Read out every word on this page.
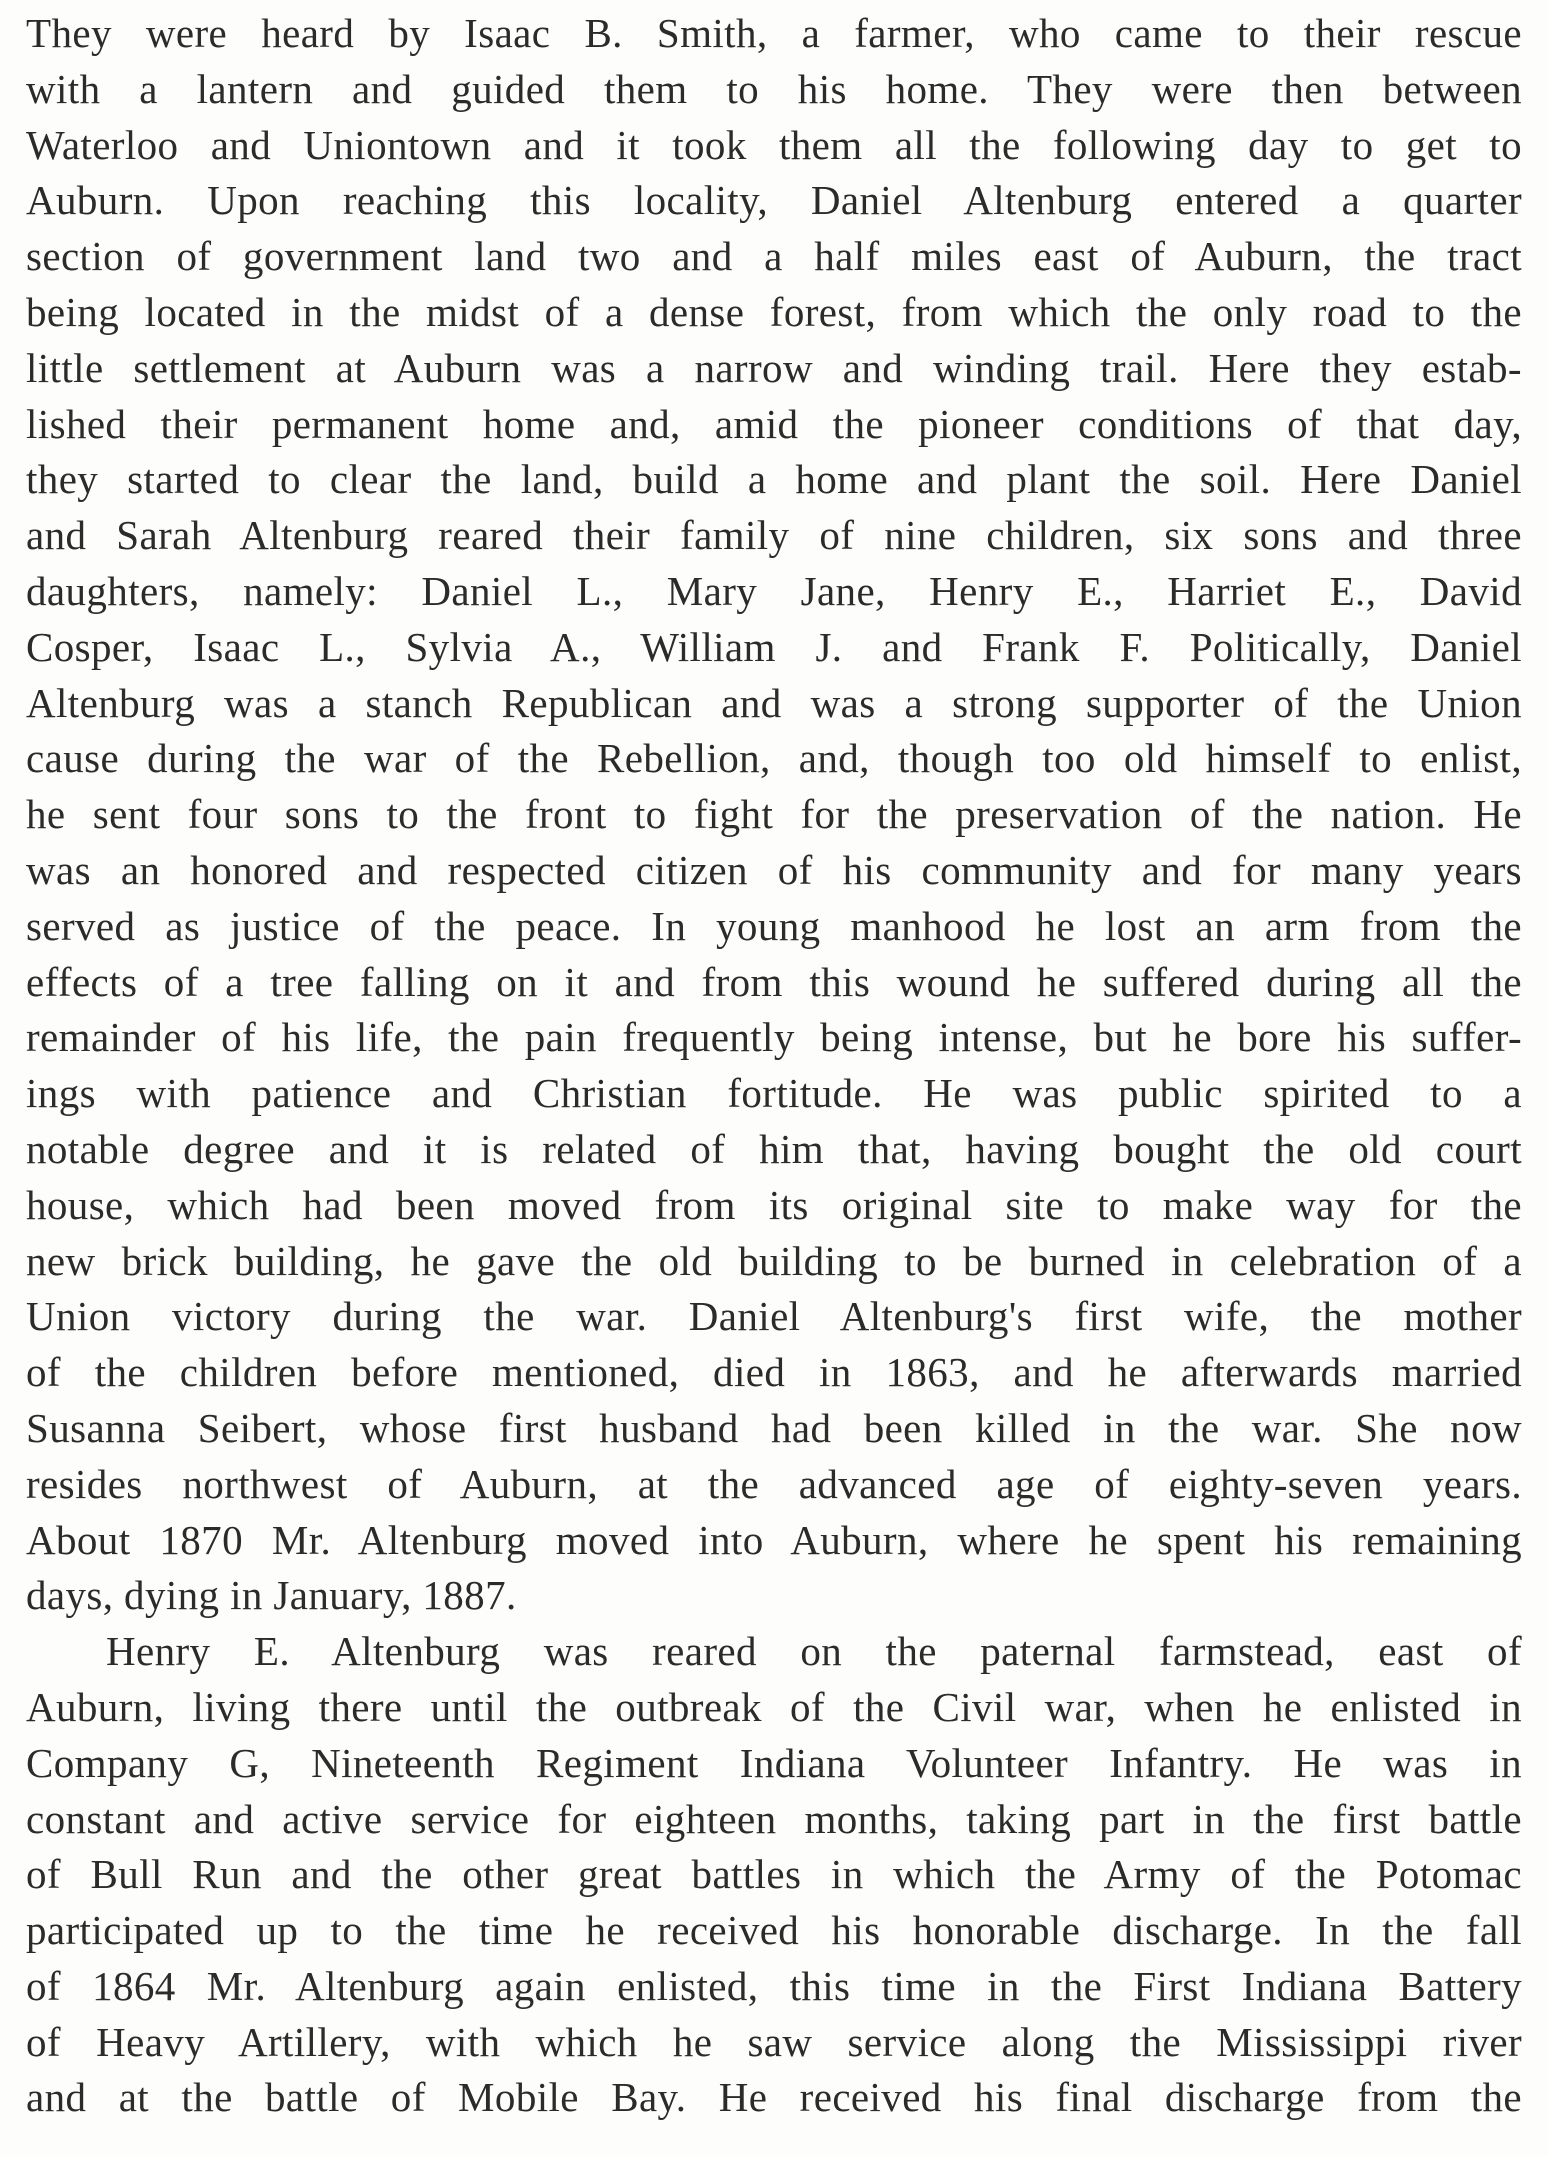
They were heard by Isaac B. Smith, a farmer, who came to their rescue
with a lantern and guided them to his home. They were then between
Waterloo and Uniontown and it took them all the following day to get to
Auburn. Upon reaching this locality, Daniel Altenburg entered a quarter
section of government land two and a half miles east of Auburn, the tract
being located in the midst of a dense forest, from which the only road to the
little settlement at Auburn was a narrow and winding trail. Here they estab-
lished their permanent home and, amid the pioneer conditions of that day,
they started to clear the land, build a home and plant the soil. Here Daniel
and Sarah Altenburg reared their family of nine children, six sons and three
daughters, namely: Daniel L., Mary Jane, Henry E., Harriet E., David
Cosper, Isaac L., Sylvia A., William J. and Frank F. Politically, Daniel
Altenburg was a stanch Republican and was a strong supporter of the Union
cause during the war of the Rebellion, and, though too old himself to enlist,
he sent four sons to the front to fight for the preservation of the nation. He
was an honored and respected citizen of his community and for many years
served as justice of the peace. In young manhood he lost an arm from the
effects of a tree falling on it and from this wound he suffered during all the
remainder of his life, the pain frequently being intense, but he bore his suffer-
ings with patience and Christian fortitude. He was public spirited to a
notable degree and it is related of him that, having bought the old court
house, which had been moved from its original site to make way for the
new brick building, he gave the old building to be burned in celebration of a
Union victory during the war. Daniel Altenburg's first wife, the mother
of the children before mentioned, died in 1863, and he afterwards married
Susanna Seibert, whose first husband had been killed in the war. She now
resides northwest of Auburn, at the advanced age of eighty-seven years.
About 1870 Mr. Altenburg moved into Auburn, where he spent his remaining
days, dying in January, 1887.

Henry E. Altenburg was reared on the paternal farmstead, east of
Auburn, living there until the outbreak of the Civil war, when he enlisted in
Company G, Nineteenth Regiment Indiana Volunteer Infantry. He was in
constant and active service for eighteen months, taking part in the first battle
of Bull Run and the other great battles in which the Army of the Potomac
participated up to the time he received his honorable discharge. In the fall
of 1864 Mr. Altenburg again enlisted, this time in the First Indiana Battery
of Heavy Artillery, with which he saw service along the Mississippi river
and at the battle of Mobile Bay. He received his final discharge from the
